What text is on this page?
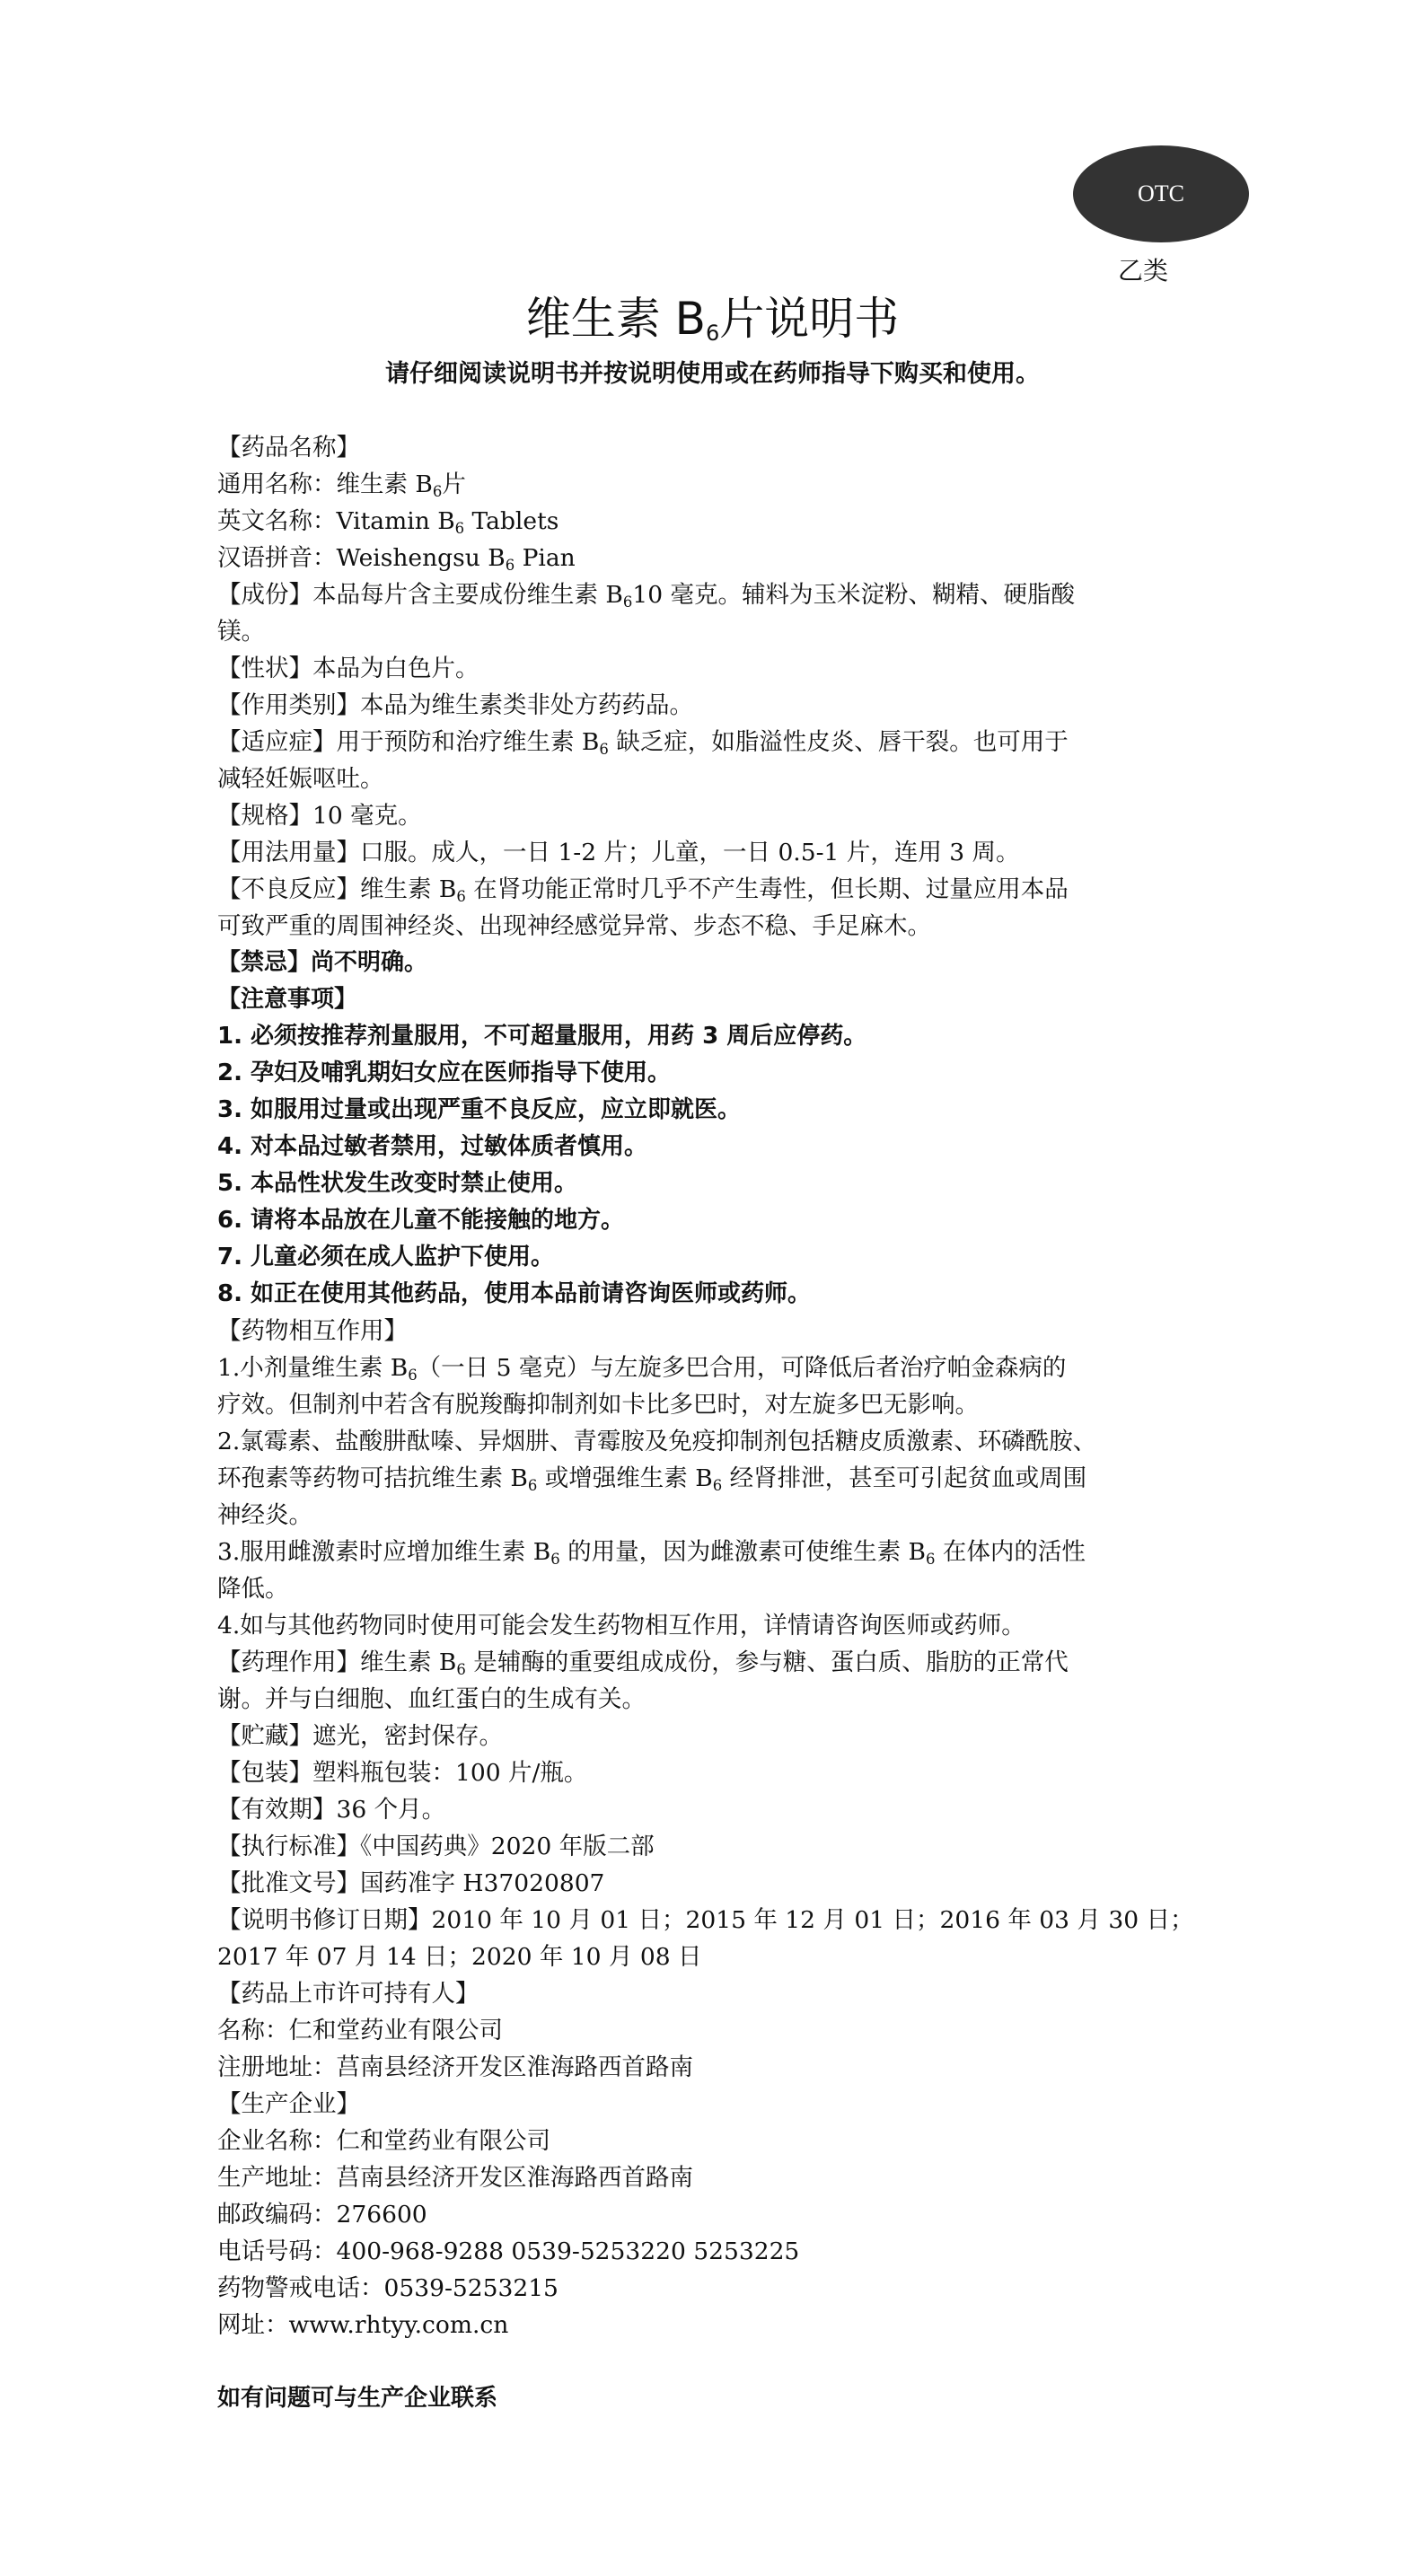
OTC
乙类
维生素 $B_6$片说明书
请仔细阅读说明书并按说明使用或在药师指导下购买和使用。
【药品名称】
通用名称：维生素 $B_6$片
英文名称：Vitamin $B_6$ Tablets
汉语拼音：Weishengsu $B_6$ Pian
【成份】本品每片含主要成份维生素 $B_610$ 毫克。辅料为玉米淀粉、糊精、硬脂酸
镁。
【性状】本品为白色片。
【作用类别】本品为维生素类非处方药药品。
【适应症】用于预防和治疗维生素 $B_6$ 缺乏症，如脂溢性皮炎、唇干裂。也可用于
减轻妊娠呕吐。
【规格】10 毫克。
【用法用量】口服。成人，一日 1-2 片；儿童，一日 0.5-1 片，连用 3 周。
【不良反应】维生素 $B_6$ 在肾功能正常时几乎不产生毒性，但长期、过量应用本品
可致严重的周围神经炎、出现神经感觉异常、步态不稳、手足麻木。
【禁忌】尚不明确。
【注意事项】
1. 必须按推荐剂量服用，不可超量服用，用药 3 周后应停药。
2. 孕妇及哺乳期妇女应在医师指导下使用。
3. 如服用过量或出现严重不良反应，应立即就医。
4. 对本品过敏者禁用，过敏体质者慎用。
5. 本品性状发生改变时禁止使用。
6. 请将本品放在儿童不能接触的地方。
7. 儿童必须在成人监护下使用。
8. 如正在使用其他药品，使用本品前请咨询医师或药师。
【药物相互作用】
1.小剂量维生素 $B_6$（一日 5 毫克）与左旋多巴合用，可降低后者治疗帕金森病的
疗效。但制剂中若含有脱羧酶抑制剂如卡比多巴时，对左旋多巴无影响。
2.氯霉素、盐酸肼酞嗪、异烟肼、青霉胺及免疫抑制剂包括糖皮质激素、环磷酰胺、
环孢素等药物可拮抗维生素 $B_6$ 或增强维生素 $B_6$ 经肾排泄，甚至可引起贫血或周围
神经炎。
3.服用雌激素时应增加维生素 $B_6$ 的用量，因为雌激素可使维生素 $B_6$ 在体内的活性
降低。
4.如与其他药物同时使用可能会发生药物相互作用，详情请咨询医师或药师。
【药理作用】维生素 $B_6$ 是辅酶的重要组成成份，参与糖、蛋白质、脂肪的正常代
谢。并与白细胞、血红蛋白的生成有关。
【贮藏】遮光，密封保存。
【包装】塑料瓶包装：100 片/瓶。
【有效期】36 个月。
【执行标准】《中国药典》2020 年版二部
【批准文号】国药准字 H37020807
【说明书修订日期】2010 年 10 月 01 日；2015 年 12 月 01 日；2016 年 03 月 30 日；
2017 年 07 月 14 日；2020 年 10 月 08 日
【药品上市许可持有人】
名称：仁和堂药业有限公司
注册地址：莒南县经济开发区淮海路西首路南
【生产企业】
企业名称：仁和堂药业有限公司
生产地址：莒南县经济开发区淮海路西首路南
邮政编码：276600
电话号码：400-968-9288 0539-5253220 5253225
药物警戒电话：0539-5253215
网址：www.rhtyy.com.cn
如有问题可与生产企业联系
